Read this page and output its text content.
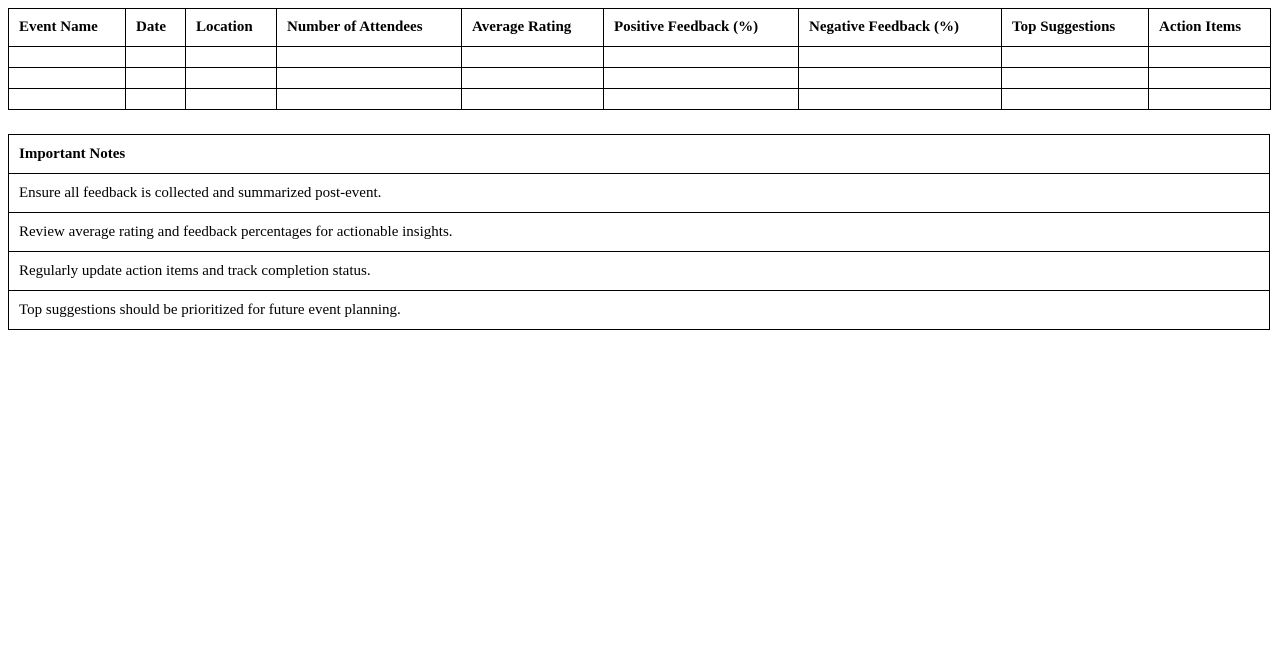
Event Name	Date	Location	Number of Attendees	Average Rating	Positive Feedback (%)	Negative Feedback (%)	Top Suggestions	Action Items

Important Notes
Ensure all feedback is collected and summarized post-event.
Review average rating and feedback percentages for actionable insights.
Regularly update action items and track completion status.
Top suggestions should be prioritized for future event planning.
